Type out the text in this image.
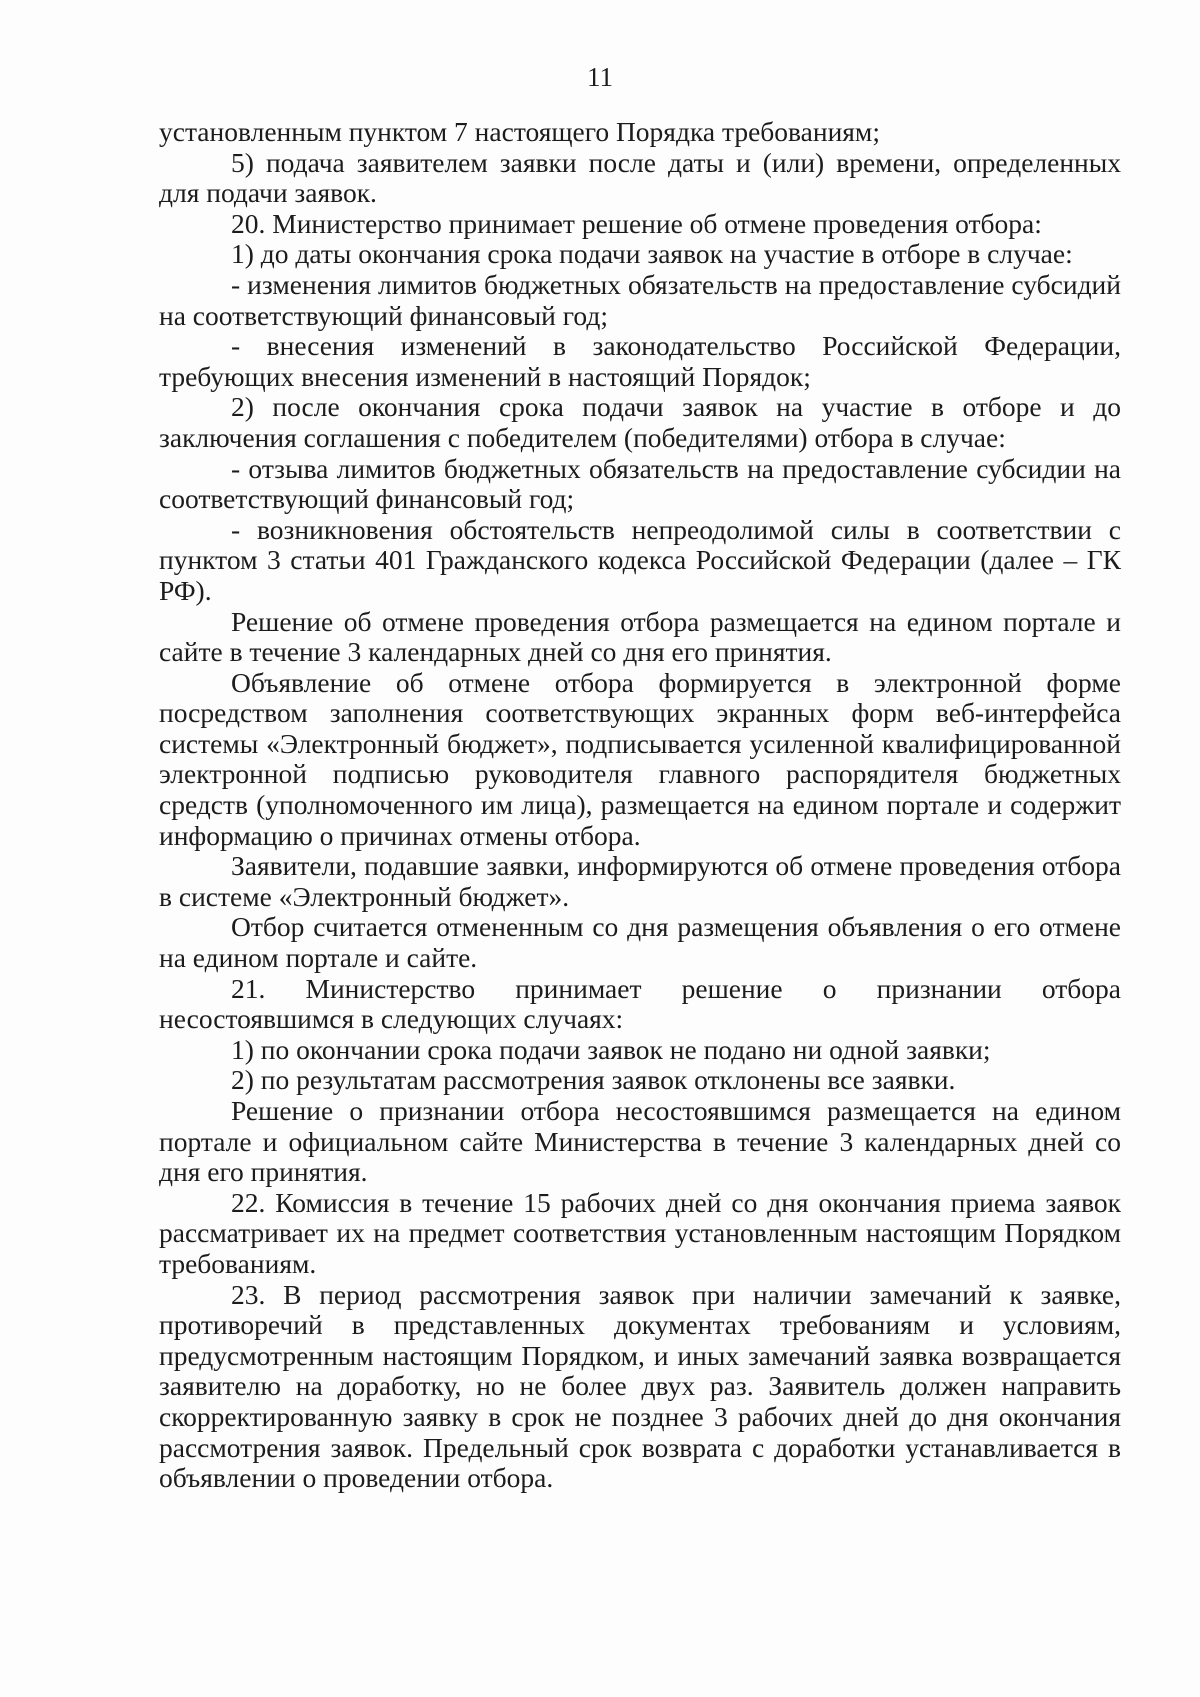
11

установленным пунктом 7 настоящего Порядка требованиям;

5) подача заявителем заявки после даты и (или) времени, определенных для подачи заявок.

20. Министерство принимает решение об отмене проведения отбора:

1) до даты окончания срока подачи заявок на участие в отборе в случае:

- изменения лимитов бюджетных обязательств на предоставление субсидий на соответствующий финансовый год;

- внесения изменений в законодательство Российской Федерации, требующих внесения изменений в настоящий Порядок;

2) после окончания срока подачи заявок на участие в отборе и до заключения соглашения с победителем (победителями) отбора в случае:

- отзыва лимитов бюджетных обязательств на предоставление субсидии на соответствующий финансовый год;

- возникновения обстоятельств непреодолимой силы в соответствии с пунктом 3 статьи 401 Гражданского кодекса Российской Федерации (далее – ГК РФ).

Решение об отмене проведения отбора размещается на едином портале и сайте в течение 3 календарных дней со дня его принятия.

Объявление об отмене отбора формируется в электронной форме посредством заполнения соответствующих экранных форм веб-интерфейса системы «Электронный бюджет», подписывается усиленной квалифицированной электронной подписью руководителя главного распорядителя бюджетных средств (уполномоченного им лица), размещается на едином портале и содержит информацию о причинах отмены отбора.

Заявители, подавшие заявки, информируются об отмене проведения отбора в системе «Электронный бюджет».

Отбор считается отмененным со дня размещения объявления о его отмене на едином портале и сайте.

21. Министерство принимает решение о признании отбора несостоявшимся в следующих случаях:

1) по окончании срока подачи заявок не подано ни одной заявки;

2) по результатам рассмотрения заявок отклонены все заявки.

Решение о признании отбора несостоявшимся размещается на едином портале и официальном сайте Министерства в течение 3 календарных дней со дня его принятия.

22. Комиссия в течение 15 рабочих дней со дня окончания приема заявок рассматривает их на предмет соответствия установленным настоящим Порядком требованиям.

23. В период рассмотрения заявок при наличии замечаний к заявке, противоречий в представленных документах требованиям и условиям, предусмотренным настоящим Порядком, и иных замечаний заявка возвращается заявителю на доработку, но не более двух раз. Заявитель должен направить скорректированную заявку в срок не позднее 3 рабочих дней до дня окончания рассмотрения заявок. Предельный срок возврата с доработки устанавливается в объявлении о проведении отбора.
